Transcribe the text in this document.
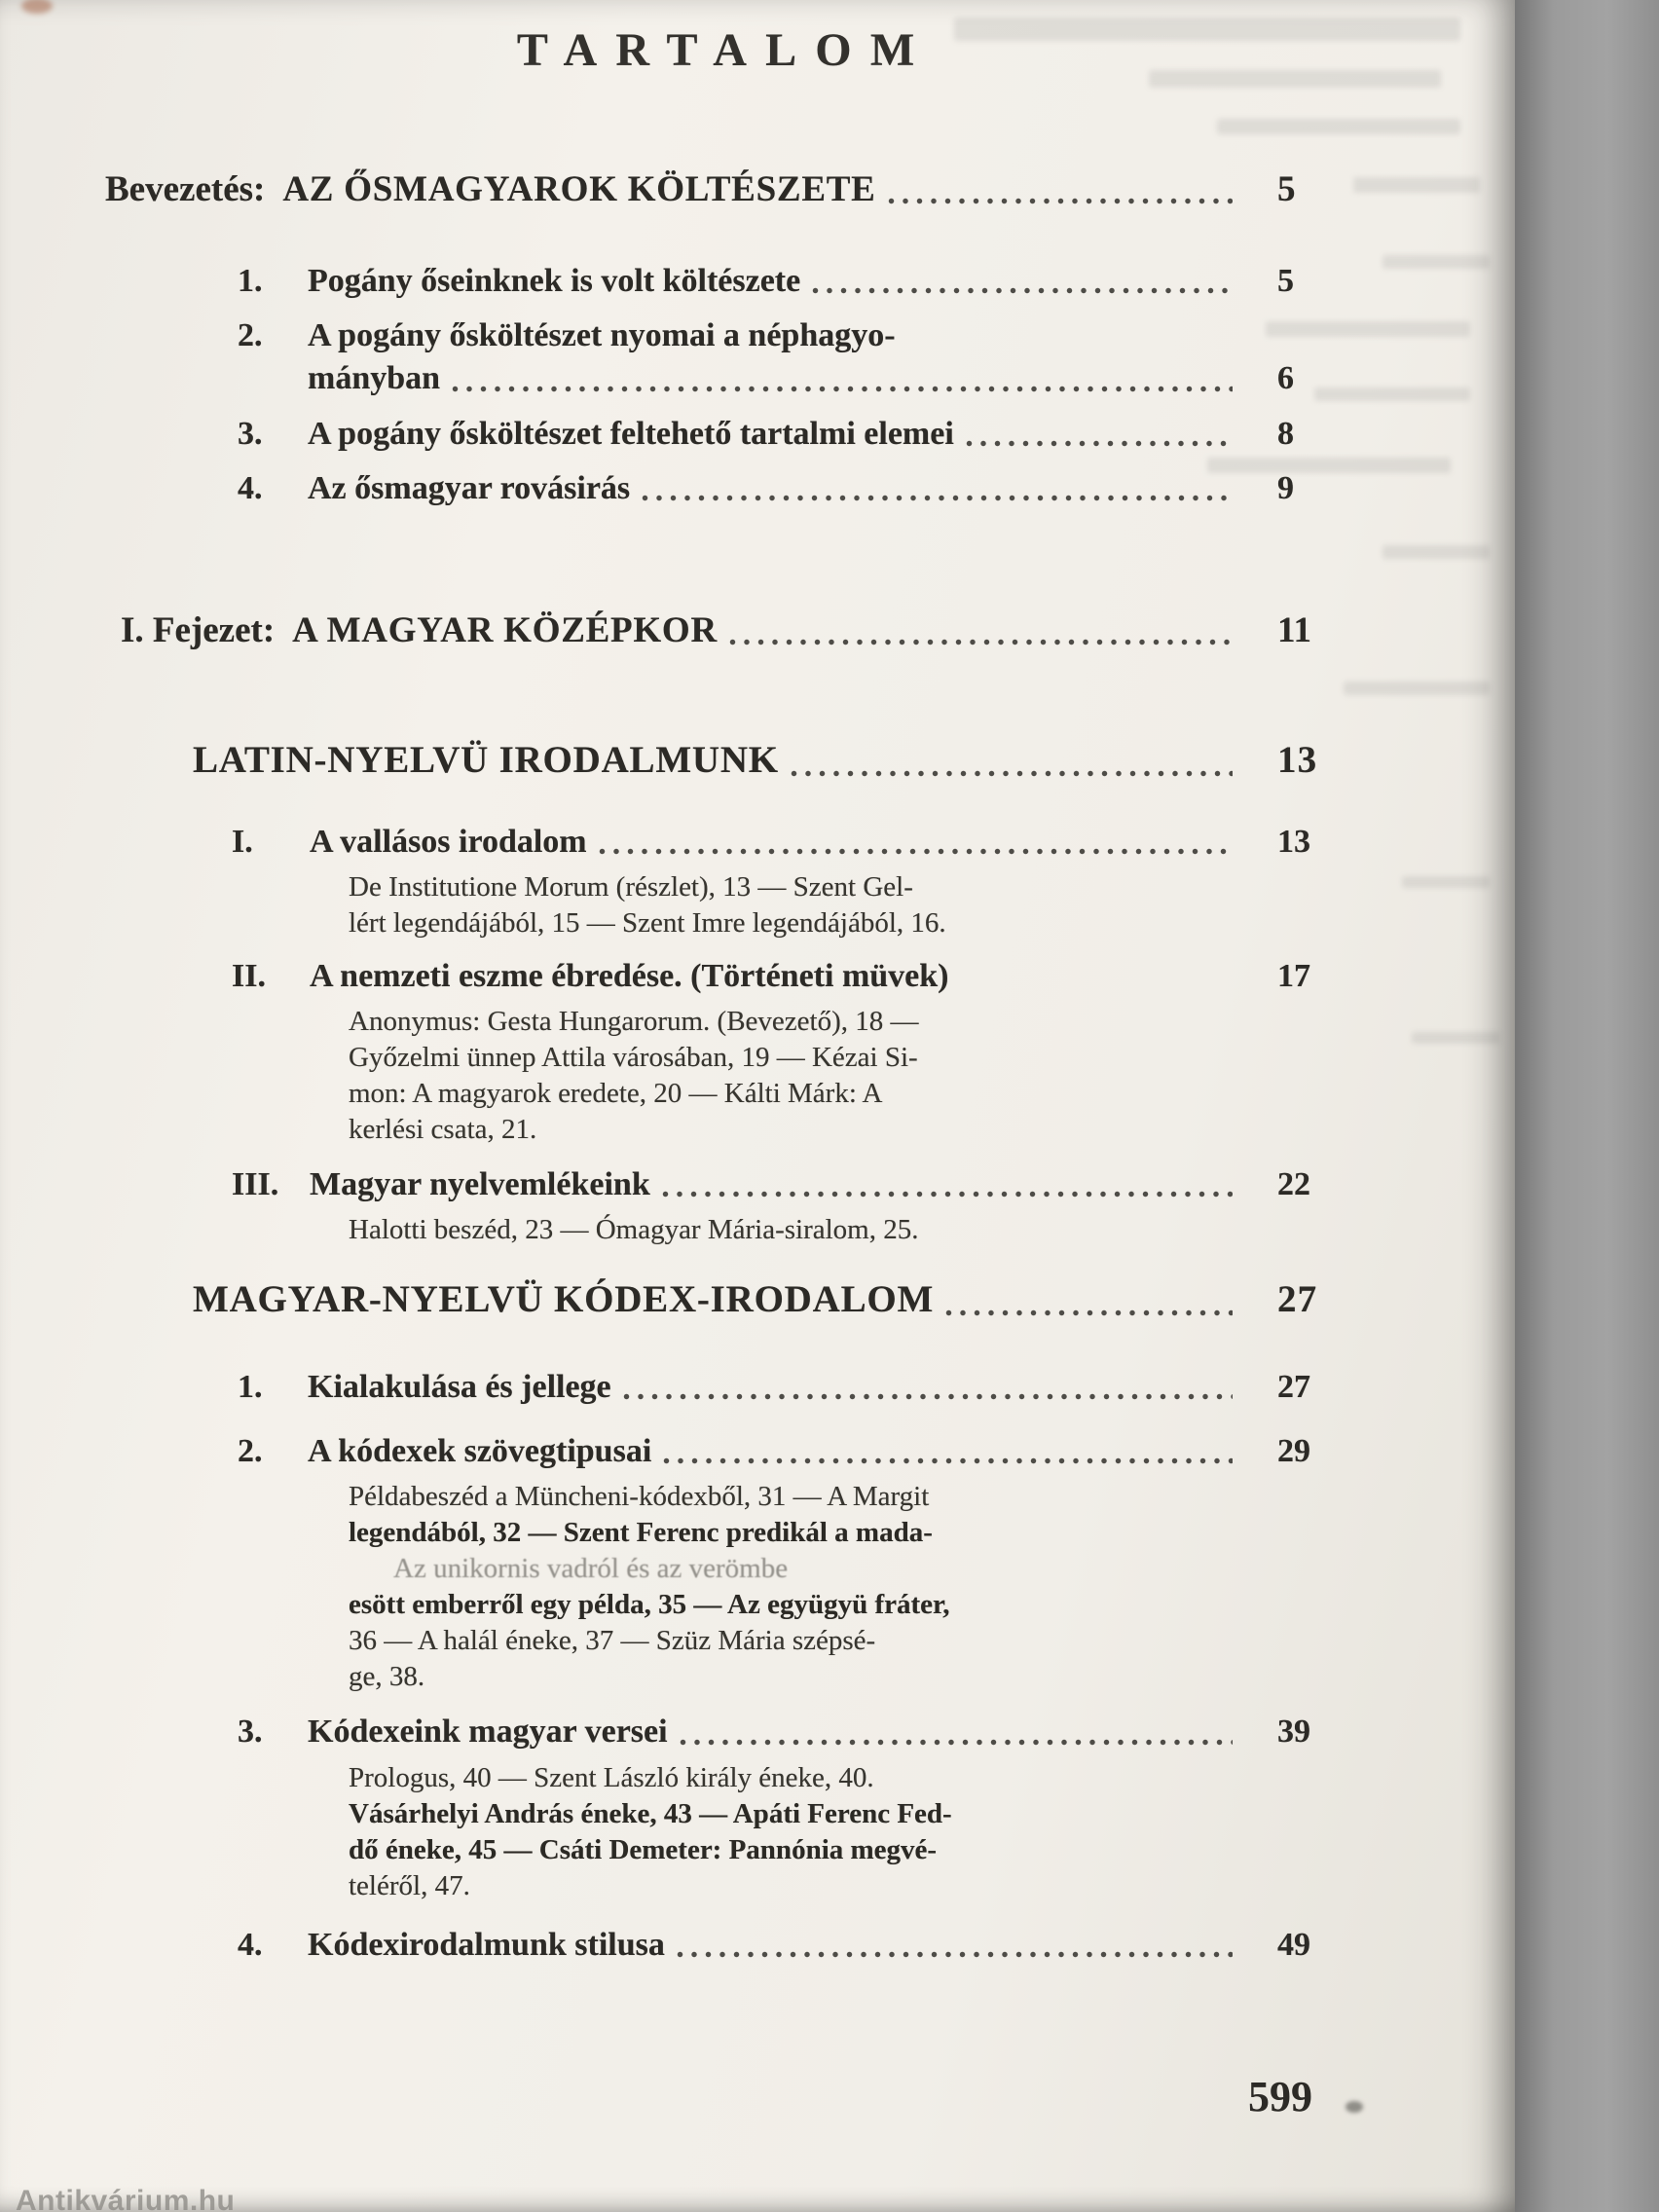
TARTALOM
Bevezetés: AZ ŐSMAGYAROK KÖLTÉSZETE	5
1.	Pogány őseinknek is volt költészete	5
2.	A pogány ősköltészet nyomai a néphagyo-
mányban	6
3.	A pogány ősköltészet feltehető tartalmi elemei	8
4.	Az ősmagyar rovásirás	9
I. Fejezet: A MAGYAR KÖZÉPKOR	11
LATIN-NYELVÜ IRODALMUNK	13
I.	A vallásos irodalom	13
De Institutione Morum (részlet), 13 — Szent Gel-
lért legendájából, 15 — Szent Imre legendájából, 16.
II.	A nemzeti eszme ébredése. (Történeti müvek)	17
Anonymus: Gesta Hungarorum. (Bevezető), 18 —
Győzelmi ünnep Attila városában, 19 — Kézai Si-
mon: A magyarok eredete, 20 — Kálti Márk: A
kerlési csata, 21.
III. Magyar nyelvemlékeink	22
Halotti beszéd, 23 — Ómagyar Mária-siralom, 25.
MAGYAR-NYELVÜ KÓDEX-IRODALOM	27
1.	Kialakulása és jellege	27
2.	A kódexek szövegtipusai	29
Példabeszéd a Müncheni-kódexből, 31 — A Margit
legendából, 32 — Szent Ferenc predikál a mada-
Az unikornis vadról és az verömbe
esött emberről egy példa, 35 — Az együgyü fráter,
36 — A halál éneke, 37 — Szüz Mária szépsé-
ge, 38.
3.	Kódexeink magyar versei	39
Prologus, 40 — Szent László király éneke, 40.
Vásárhelyi András éneke, 43 — Apáti Ferenc Fed-
dő éneke, 45 — Csáti Demeter: Pannónia megvé-
teléről, 47.
4.	Kódexirodalmunk stilusa	49
599
Antikvárium.hu
